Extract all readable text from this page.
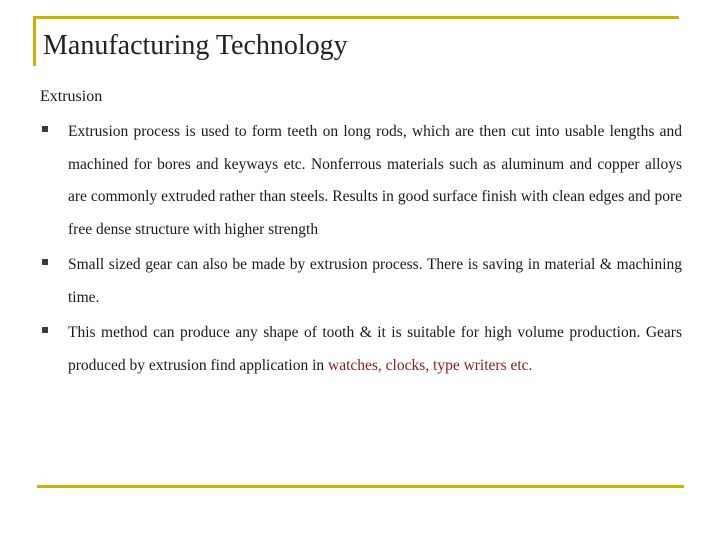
Manufacturing Technology
Extrusion

Extrusion process is used to form teeth on long rods, which are then cut into usable lengths and machined for bores and keyways etc. Nonferrous materials such as aluminum and copper alloys are commonly extruded rather than steels. Results in good surface finish with clean edges and pore free dense structure with higher strength

Small sized gear can also be made by extrusion process. There is saving in material & machining time.

This method can produce any shape of tooth & it is suitable for high volume production. Gears produced by extrusion find application in watches, clocks, type writers etc.
